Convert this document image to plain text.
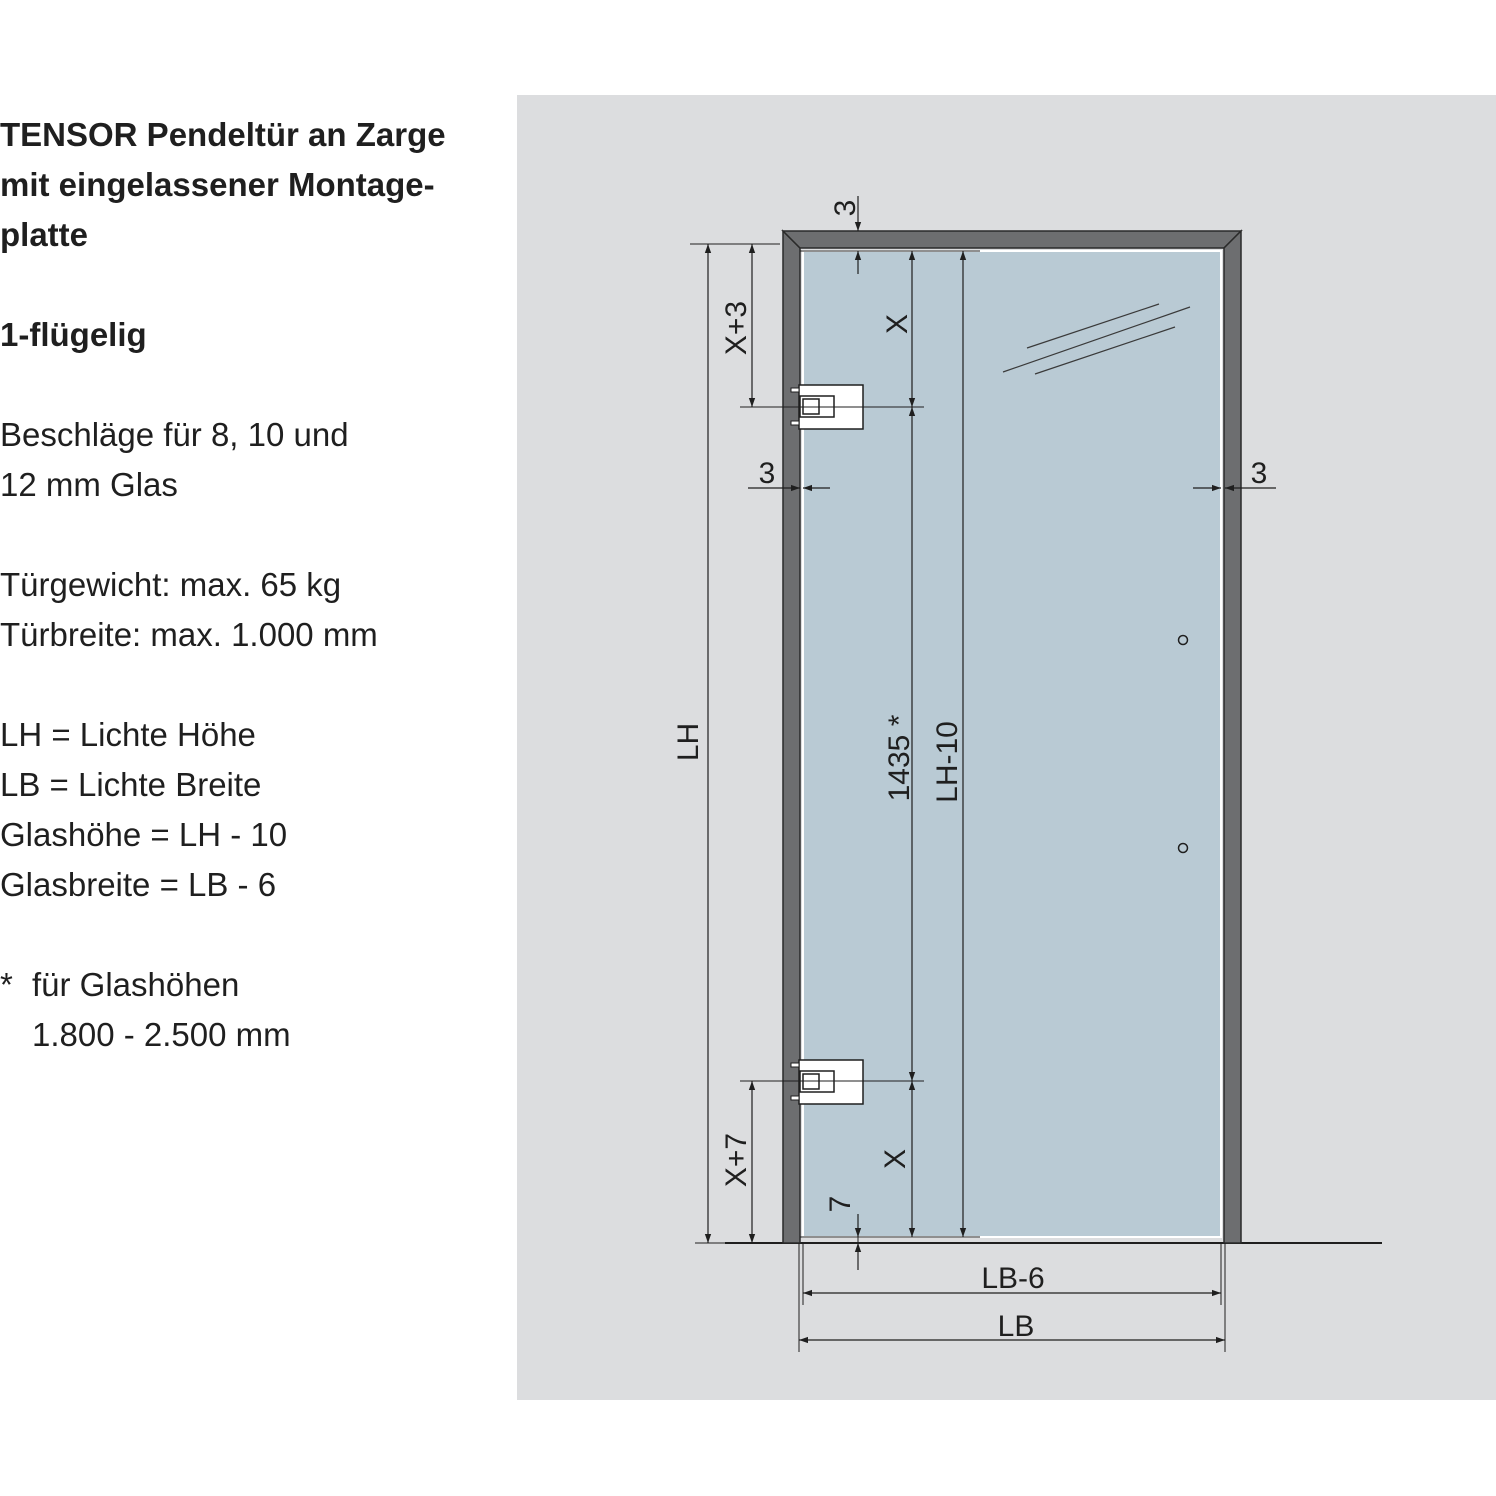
TENSOR Pendeltür an Zarge
mit eingelassener Montage-
platte
1-flügelig
Beschläge für 8, 10 und
12 mm Glas
Türgewicht: max. 65 kg
Türbreite: max. 1.000 mm
LH = Lichte Höhe
LB = Lichte Breite
Glashöhe = LH - 10
Glasbreite = LB - 6
* für Glashöhen
1.800 - 2.500 mm
3
X+3	X
3	3
LH	1435 * LH-10
X+7	X
7
LB-6
LB
